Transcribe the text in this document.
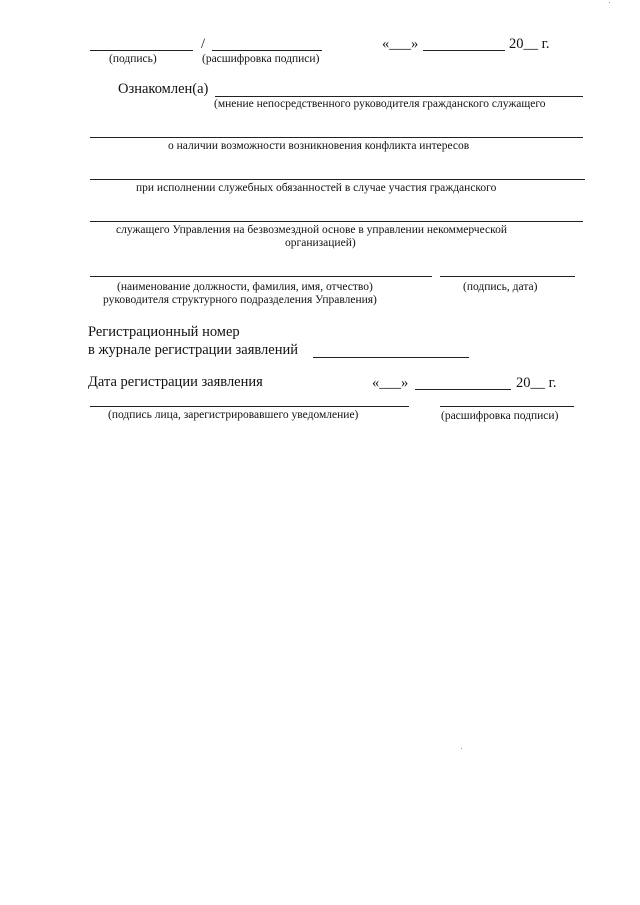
/	«___»	20__ г.
(подпись)	(расшифровка подписи)
Ознакомлен(а)
(мнение непосредственного руководителя гражданского служащего
о наличии возможности возникновения конфликта интересов
при исполнении служебных обязанностей в случае участия гражданского
служащего Управления на безвозмездной основе в управлении некоммерческой
организацией)
(наименование должности, фамилия, имя, отчество)	(подпись, дата)
руководителя структурного подразделения Управления)
Регистрационный номер
в журнале регистрации заявлений
Дата регистрации заявления	«___»	20__ г.
(подпись лица, зарегистрировавшего уведомление)	(расшифровка подписи)
